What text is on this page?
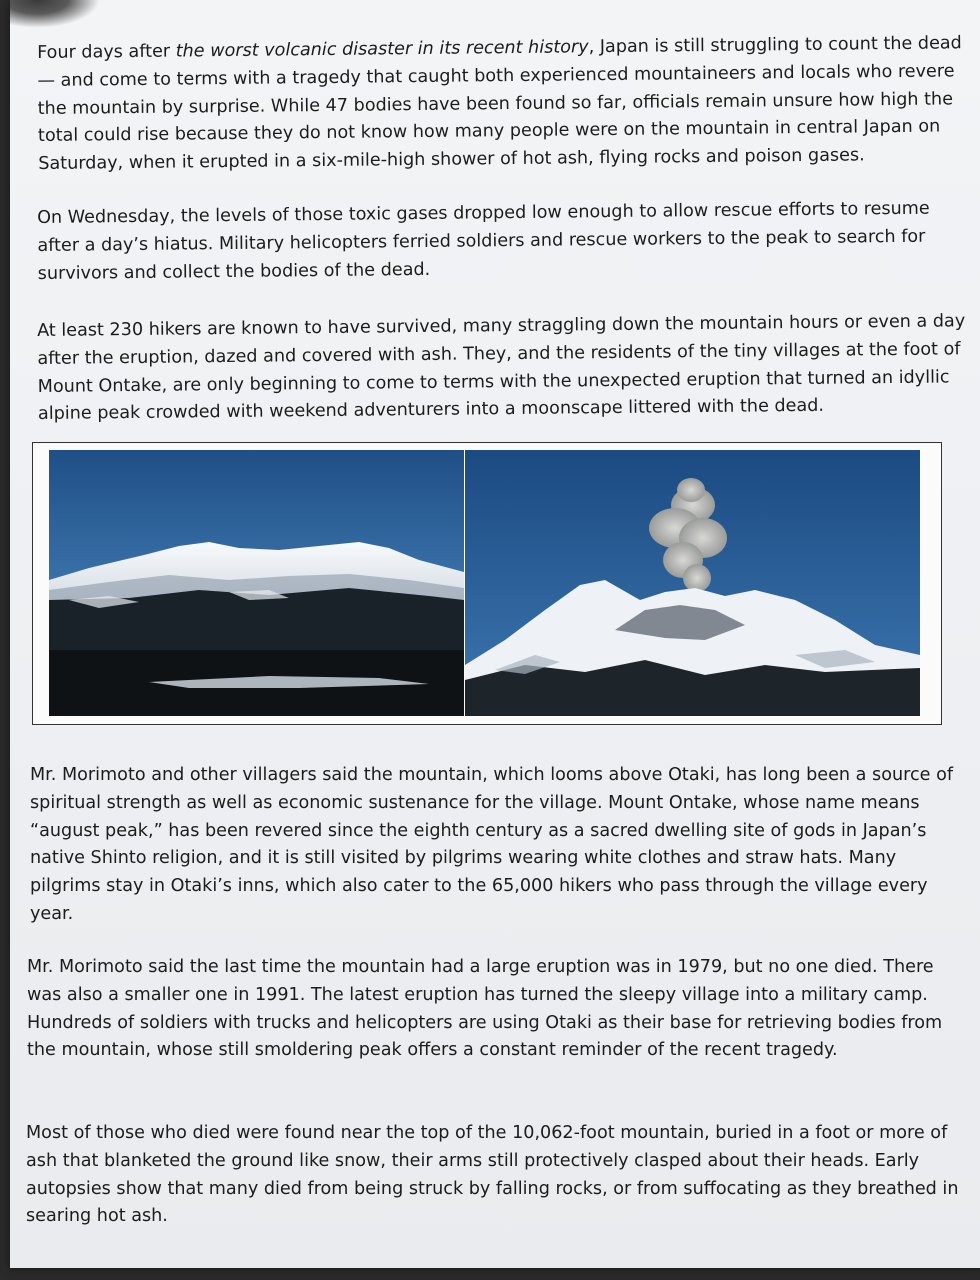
Four days after the worst volcanic disaster in its recent history, Japan is still struggling to count the dead — and come to terms with a tragedy that caught both experienced mountaineers and locals who revere the mountain by surprise. While 47 bodies have been found so far, officials remain unsure how high the total could rise because they do not know how many people were on the mountain in central Japan on Saturday, when it erupted in a six-mile-high shower of hot ash, flying rocks and poison gases.

On Wednesday, the levels of those toxic gases dropped low enough to allow rescue efforts to resume after a day’s hiatus. Military helicopters ferried soldiers and rescue workers to the peak to search for survivors and collect the bodies of the dead.

At least 230 hikers are known to have survived, many straggling down the mountain hours or even a day after the eruption, dazed and covered with ash. They, and the residents of the tiny villages at the foot of Mount Ontake, are only beginning to come to terms with the unexpected eruption that turned an idyllic alpine peak crowded with weekend adventurers into a moonscape littered with the dead.

Mr. Morimoto and other villagers said the mountain, which looms above Otaki, has long been a source of spiritual strength as well as economic sustenance for the village. Mount Ontake, whose name means “august peak,” has been revered since the eighth century as a sacred dwelling site of gods in Japan’s native Shinto religion, and it is still visited by pilgrims wearing white clothes and straw hats. Many pilgrims stay in Otaki’s inns, which also cater to the 65,000 hikers who pass through the village every year.

Mr. Morimoto said the last time the mountain had a large eruption was in 1979, but no one died. There was also a smaller one in 1991. The latest eruption has turned the sleepy village into a military camp. Hundreds of soldiers with trucks and helicopters are using Otaki as their base for retrieving bodies from the mountain, whose still smoldering peak offers a constant reminder of the recent tragedy.

Most of those who died were found near the top of the 10,062-foot mountain, buried in a foot or more of ash that blanketed the ground like snow, their arms still protectively clasped about their heads. Early autopsies show that many died from being struck by falling rocks, or from suffocating as they breathed in searing hot ash.
